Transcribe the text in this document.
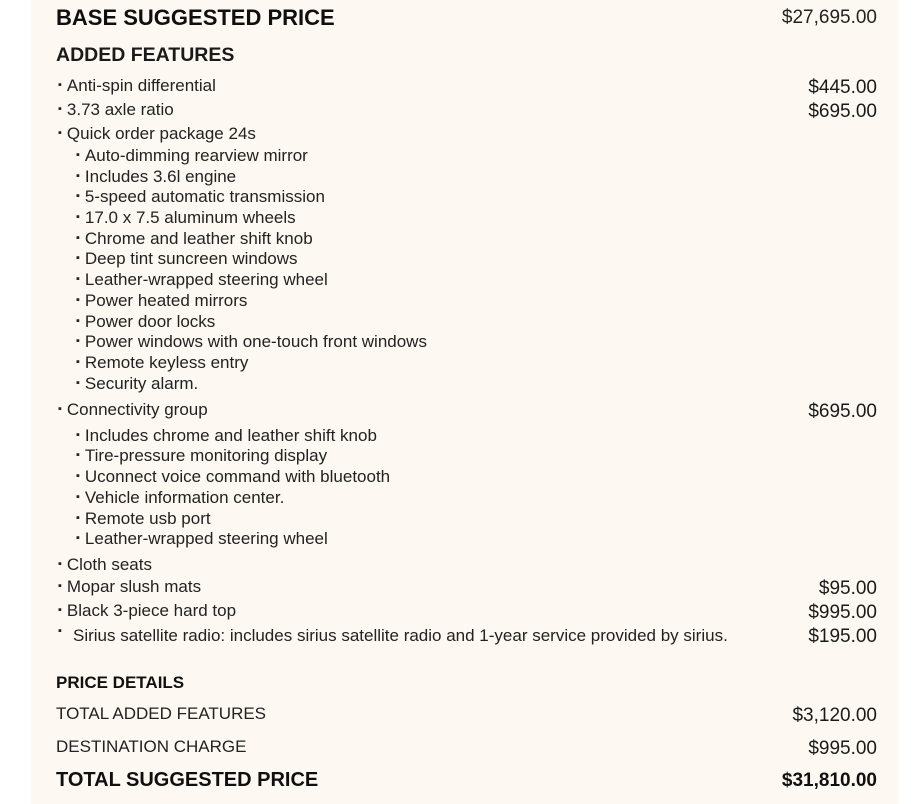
BASE SUGGESTED PRICE	$27,695.00
ADDED FEATURES
▪ Anti-spin differential	$445.00
▪ 3.73 axle ratio	$695.00
▪ Quick order package 24s
▪ Auto-dimming rearview mirror
▪ Includes 3.6l engine
▪ 5-speed automatic transmission
▪ 17.0 x 7.5 aluminum wheels
▪ Chrome and leather shift knob
▪ Deep tint suncreen windows
▪ Leather-wrapped steering wheel
▪ Power heated mirrors
▪ Power door locks
▪ Power windows with one-touch front windows
▪ Remote keyless entry
▪ Security alarm.
▪ Connectivity group	$695.00
▪ Includes chrome and leather shift knob
▪ Tire-pressure monitoring display
▪ Uconnect voice command with bluetooth
▪ Vehicle information center.
▪ Remote usb port
▪ Leather-wrapped steering wheel
▪ Cloth seats
▪ Mopar slush mats	$95.00
▪ Black 3-piece hard top	$995.00
▪ Sirius satellite radio: includes sirius satellite radio and 1-year service provided by sirius.	$195.00
PRICE DETAILS
TOTAL ADDED FEATURES	$3,120.00
DESTINATION CHARGE	$995.00
TOTAL SUGGESTED PRICE	$31,810.00
